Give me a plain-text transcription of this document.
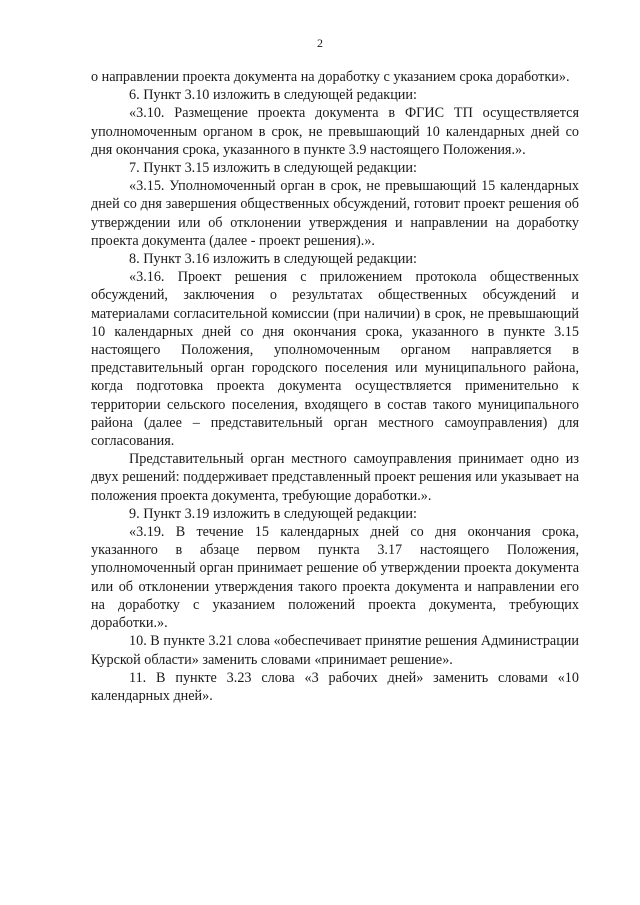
2

о направлении проекта документа на доработку с указанием срока доработки».

6. Пункт 3.10 изложить в следующей редакции:

«3.10. Размещение проекта документа в ФГИС ТП осуществляется уполномоченным органом в срок, не превышающий 10 календарных дней со дня окончания срока, указанного в пункте 3.9 настоящего Положения.».

7. Пункт 3.15 изложить в следующей редакции:

«3.15. Уполномоченный орган в срок, не превышающий 15 календарных дней со дня завершения общественных обсуждений, готовит проект решения об утверждении или об отклонении утверждения и направлении на доработку проекта документа (далее - проект решения).».

8. Пункт 3.16 изложить в следующей редакции:

«3.16. Проект решения с приложением протокола общественных обсуждений, заключения о результатах общественных обсуждений и материалами согласительной комиссии (при наличии) в срок, не превышающий 10 календарных дней со дня окончания срока, указанного в пункте 3.15 настоящего Положения, уполномоченным органом направляется в представительный орган городского поселения или муниципального района, когда подготовка проекта документа осуществляется применительно к территории сельского поселения, входящего в состав такого муниципального района (далее – представительный орган местного самоуправления) для согласования.

Представительный орган местного самоуправления принимает одно из двух решений: поддерживает представленный проект решения или указывает на положения проекта документа, требующие доработки.».

9. Пункт 3.19 изложить в следующей редакции:

«3.19. В течение 15 календарных дней со дня окончания срока, указанного в абзаце первом пункта 3.17 настоящего Положения, уполномоченный орган принимает решение об утверждении проекта документа или об отклонении утверждения такого проекта документа и направлении его на доработку с указанием положений проекта документа, требующих доработки.».

10. В пункте 3.21 слова «обеспечивает принятие решения Администрации Курской области» заменить словами «принимает решение».

11. В пункте 3.23 слова «3 рабочих дней» заменить словами «10 календарных дней».
